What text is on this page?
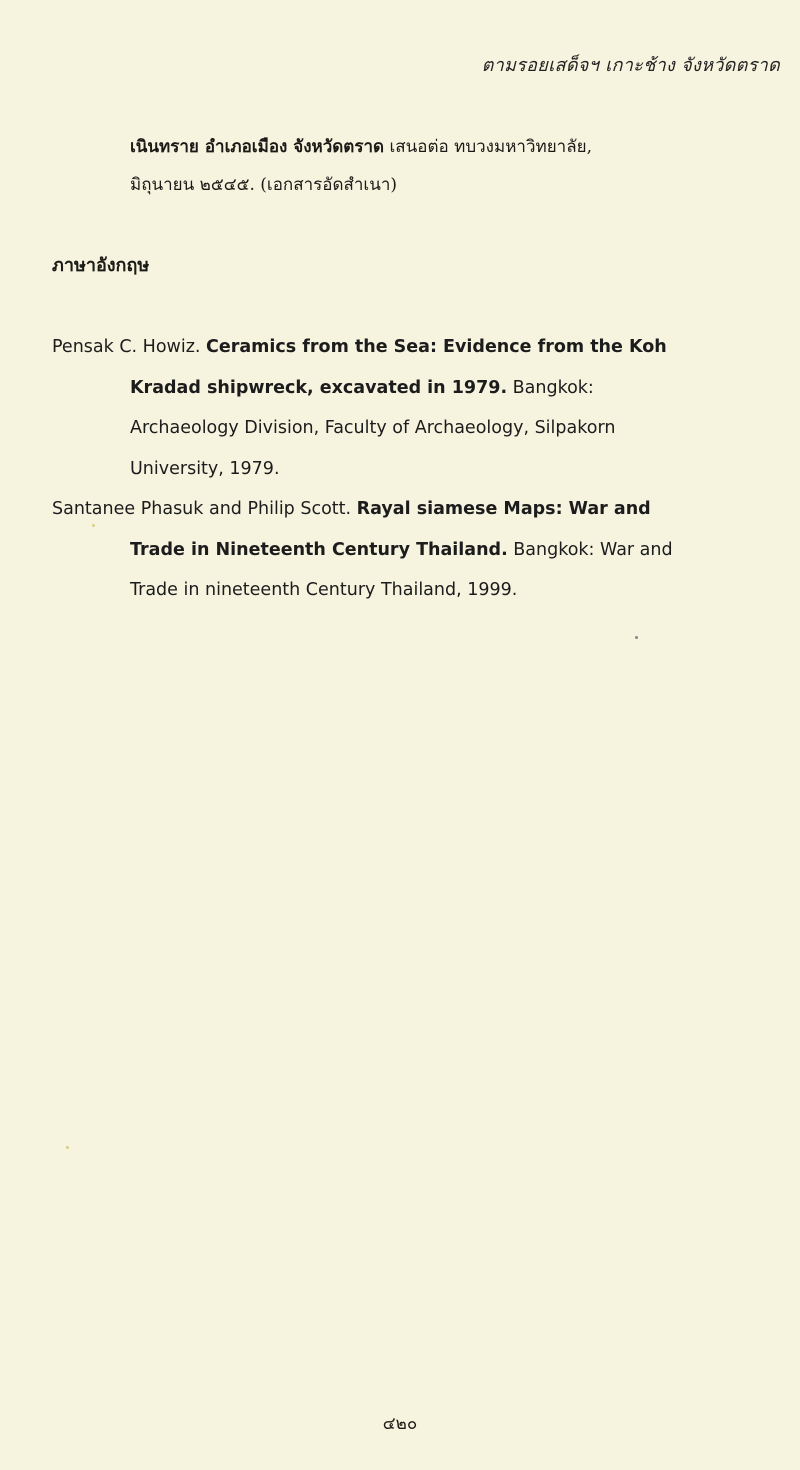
ตามรอยเสด็จฯ เกาะช้าง จังหวัดตราด
เนินทราย อำเภอเมือง จังหวัดตราด เสนอต่อ ทบวงมหาวิทยาลัย,
มิถุนายน ๒๕๔๕. (เอกสารอัดสำเนา)
ภาษาอังกฤษ
Pensak C. Howiz. Ceramics from the Sea: Evidence from the Koh
Kradad shipwreck, excavated in 1979. Bangkok:
Archaeology Division, Faculty of Archaeology, Silpakorn
University, 1979.
Santanee Phasuk and Philip Scott. Rayal siamese Maps: War and
Trade in Nineteenth Century Thailand. Bangkok: War and
Trade in nineteenth Century Thailand, 1999.
๔๒๐
